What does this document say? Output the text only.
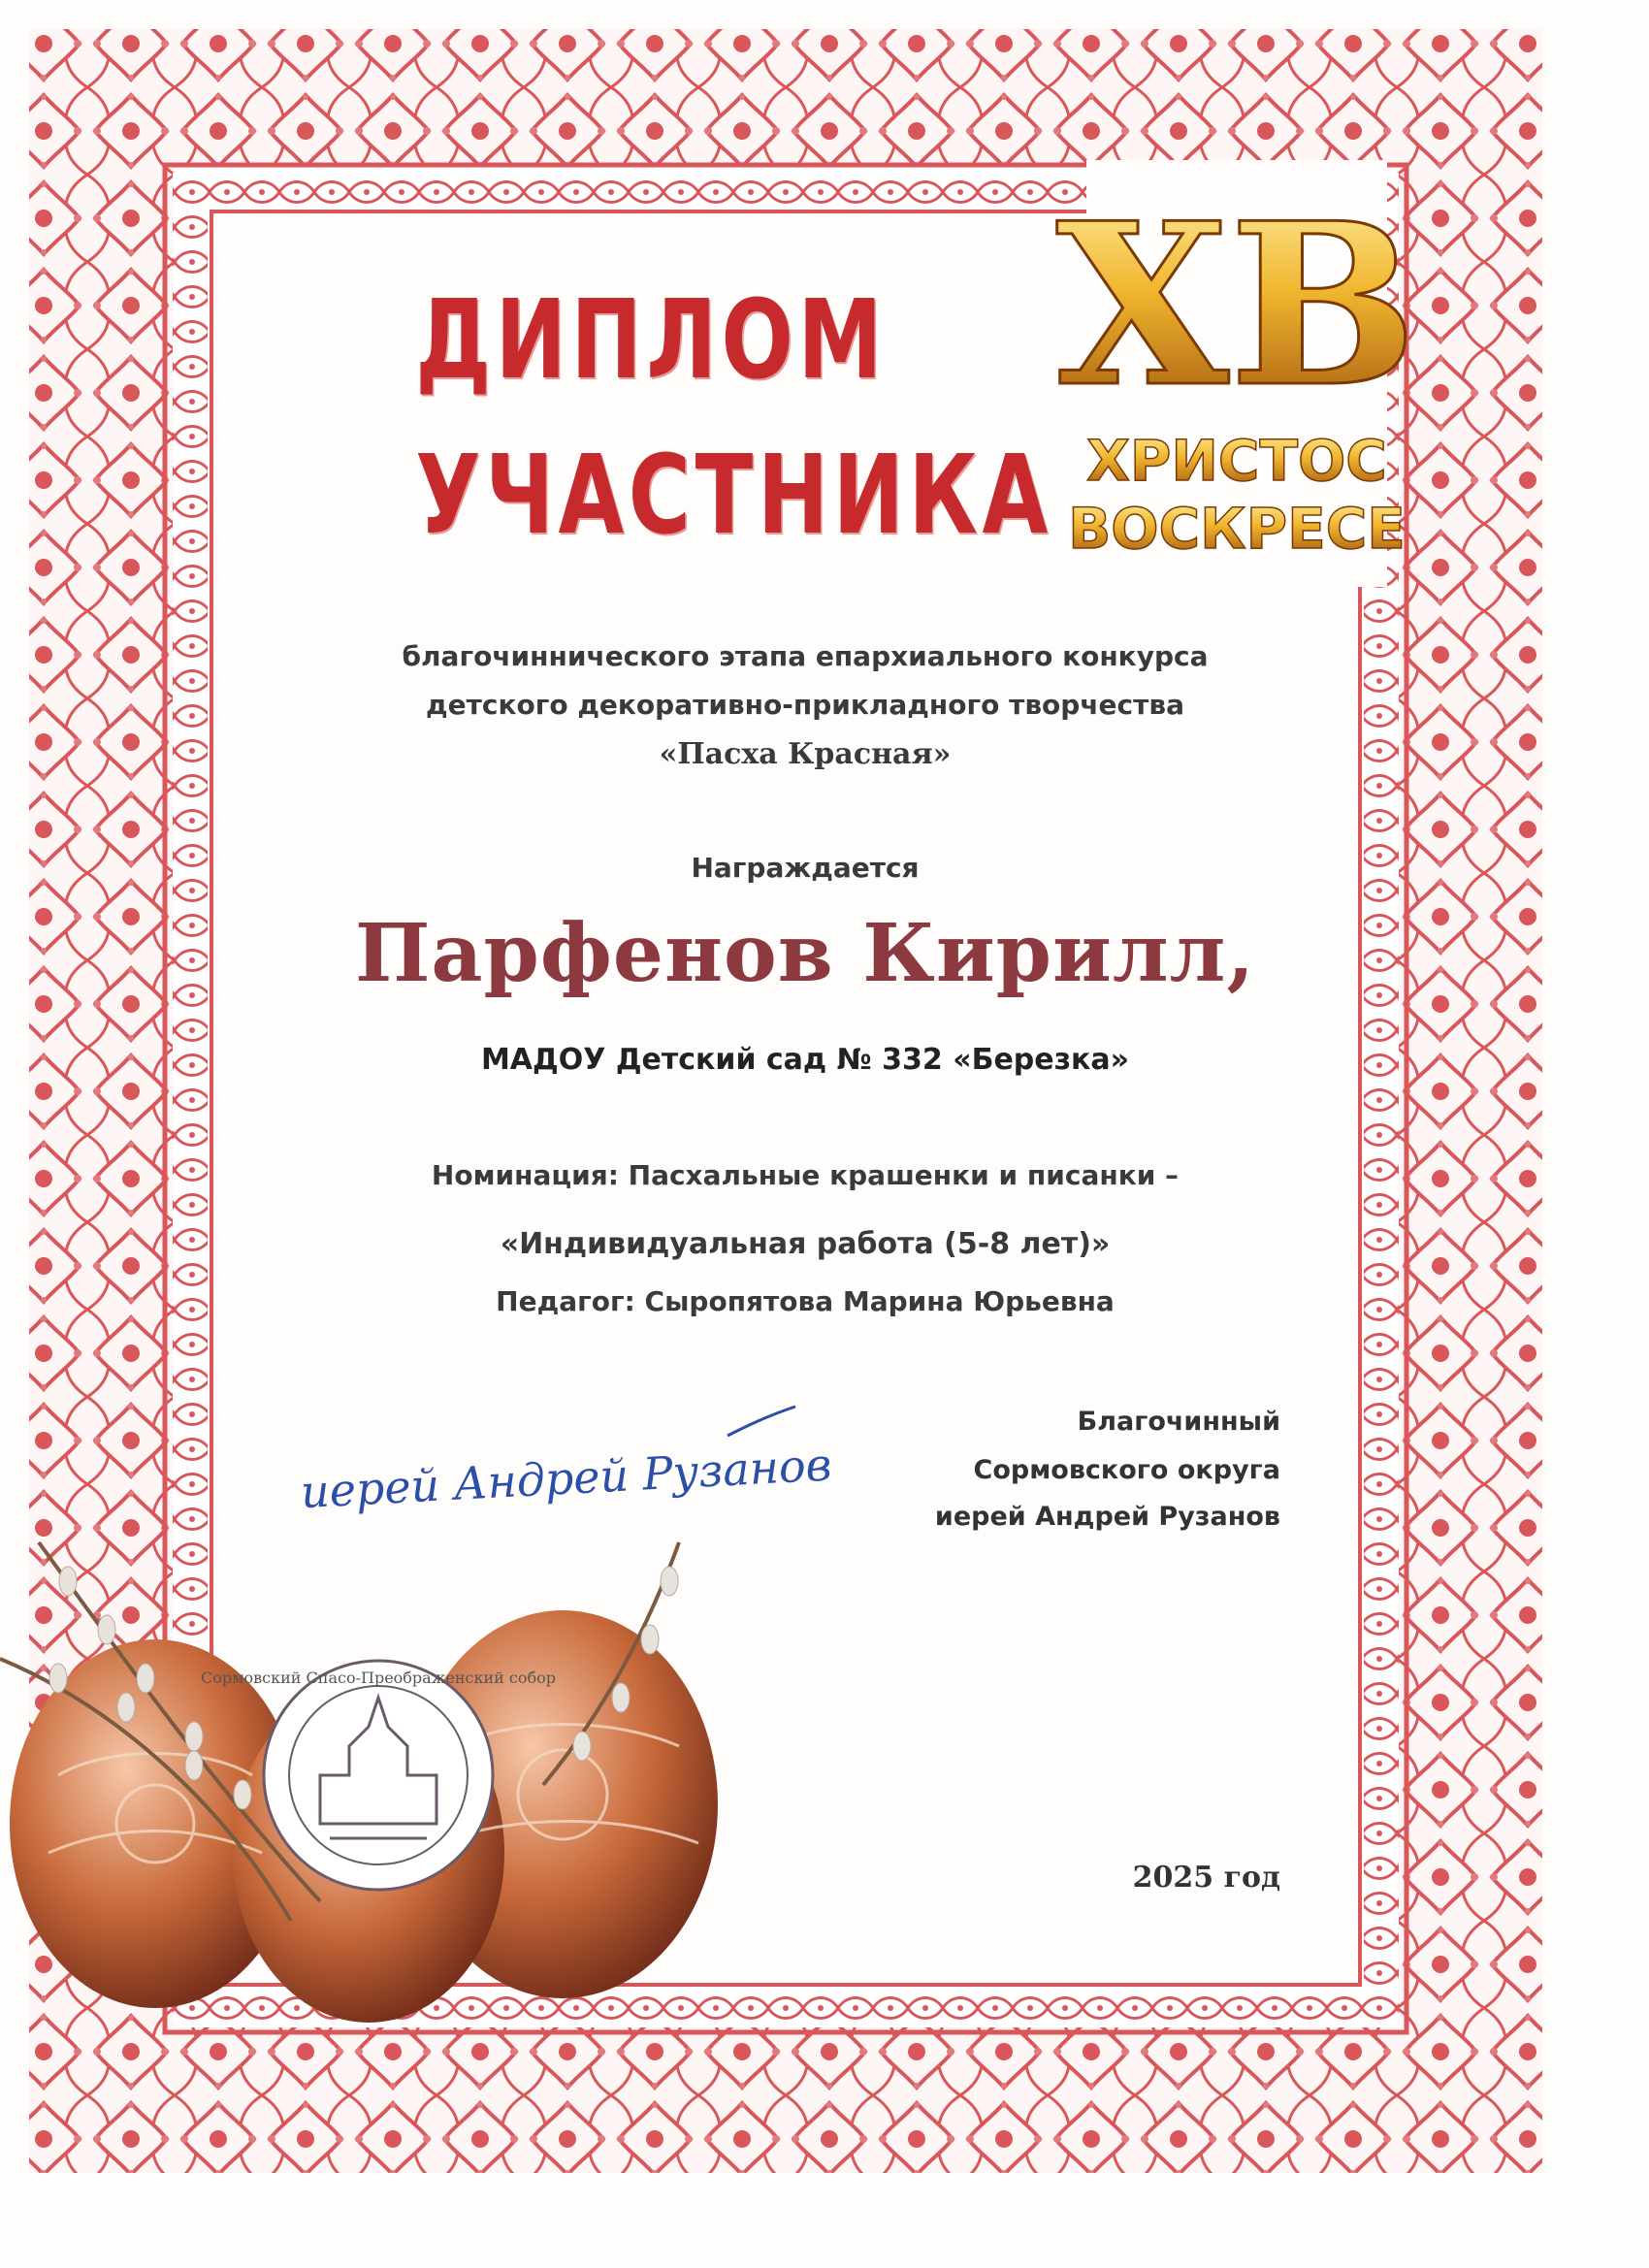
ХВ
ХРИСТОС
ВОСКРЕСЕ
ДИПЛОМ
УЧАСТНИКА
благочиннического этапа епархиального конкурса
детского декоративно-прикладного творчества
«Пасха Красная»
Награждается
Парфенов Кирилл,
МАДОУ Детский сад № 332 «Березка»
Номинация: Пасхальные крашенки и писанки –
«Индивидуальная работа (5-8 лет)»
Педагог: Сыропятова Марина Юрьевна
иерей Андрей Рузанов
Благочинный
Сормовского округа
иерей Андрей Рузанов
2025 год
Сормовский Спасо-Преображенский собор
